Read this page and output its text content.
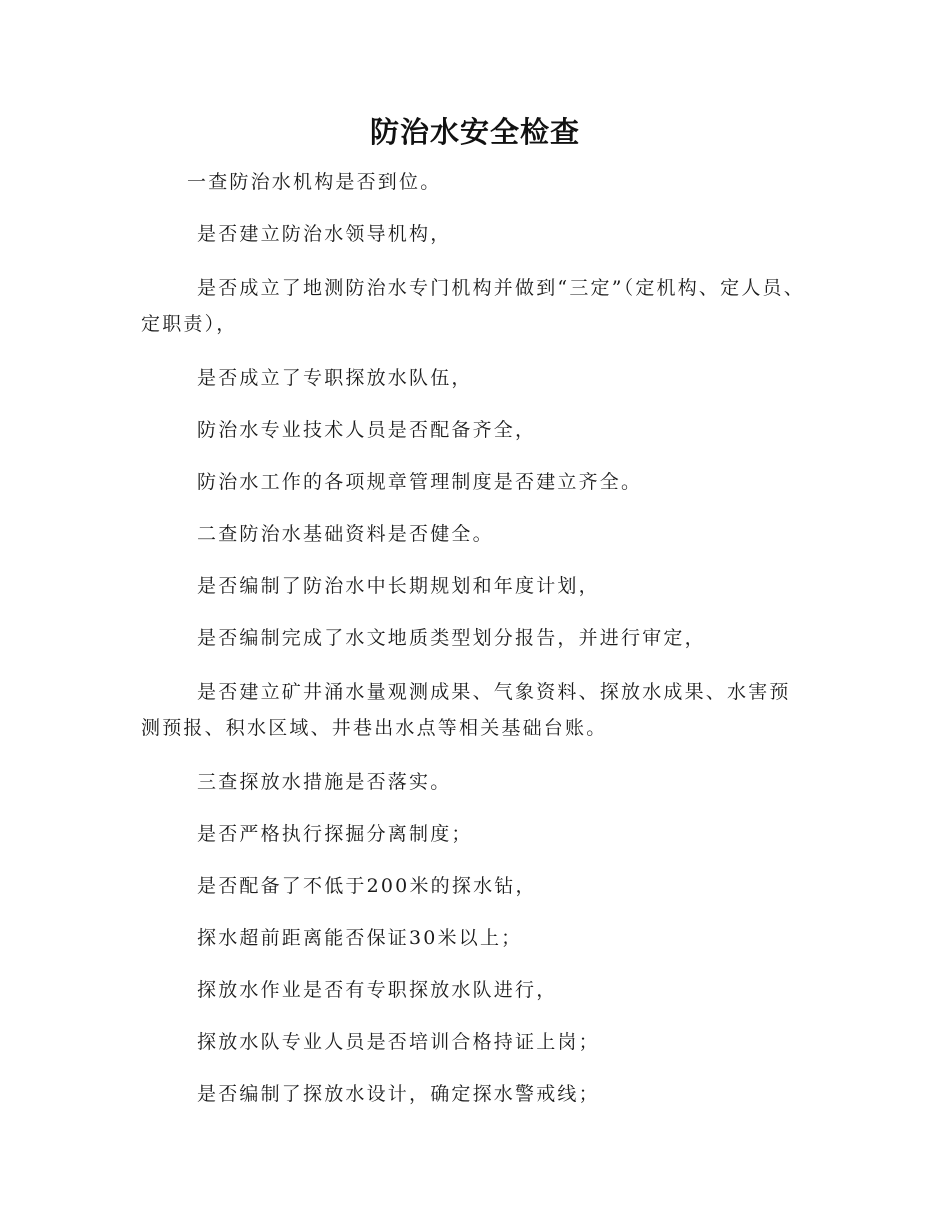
防治水安全检查

一查防治水机构是否到位。

是否建立防治水领导机构，

是否成立了地测防治水专门机构并做到“三定”（定机构、定人员、定职责），

是否成立了专职探放水队伍，

防治水专业技术人员是否配备齐全，

防治水工作的各项规章管理制度是否建立齐全。

二查防治水基础资料是否健全。

是否编制了防治水中长期规划和年度计划，

是否编制完成了水文地质类型划分报告，并进行审定，

是否建立矿井涌水量观测成果、气象资料、探放水成果、水害预测预报、积水区域、井巷出水点等相关基础台账。

三查探放水措施是否落实。

是否严格执行探掘分离制度；

是否配备了不低于200米的探水钻，

探水超前距离能否保证30米以上；

探放水作业是否有专职探放水队进行，

探放水队专业人员是否培训合格持证上岗；

是否编制了探放水设计，确定探水警戒线；
